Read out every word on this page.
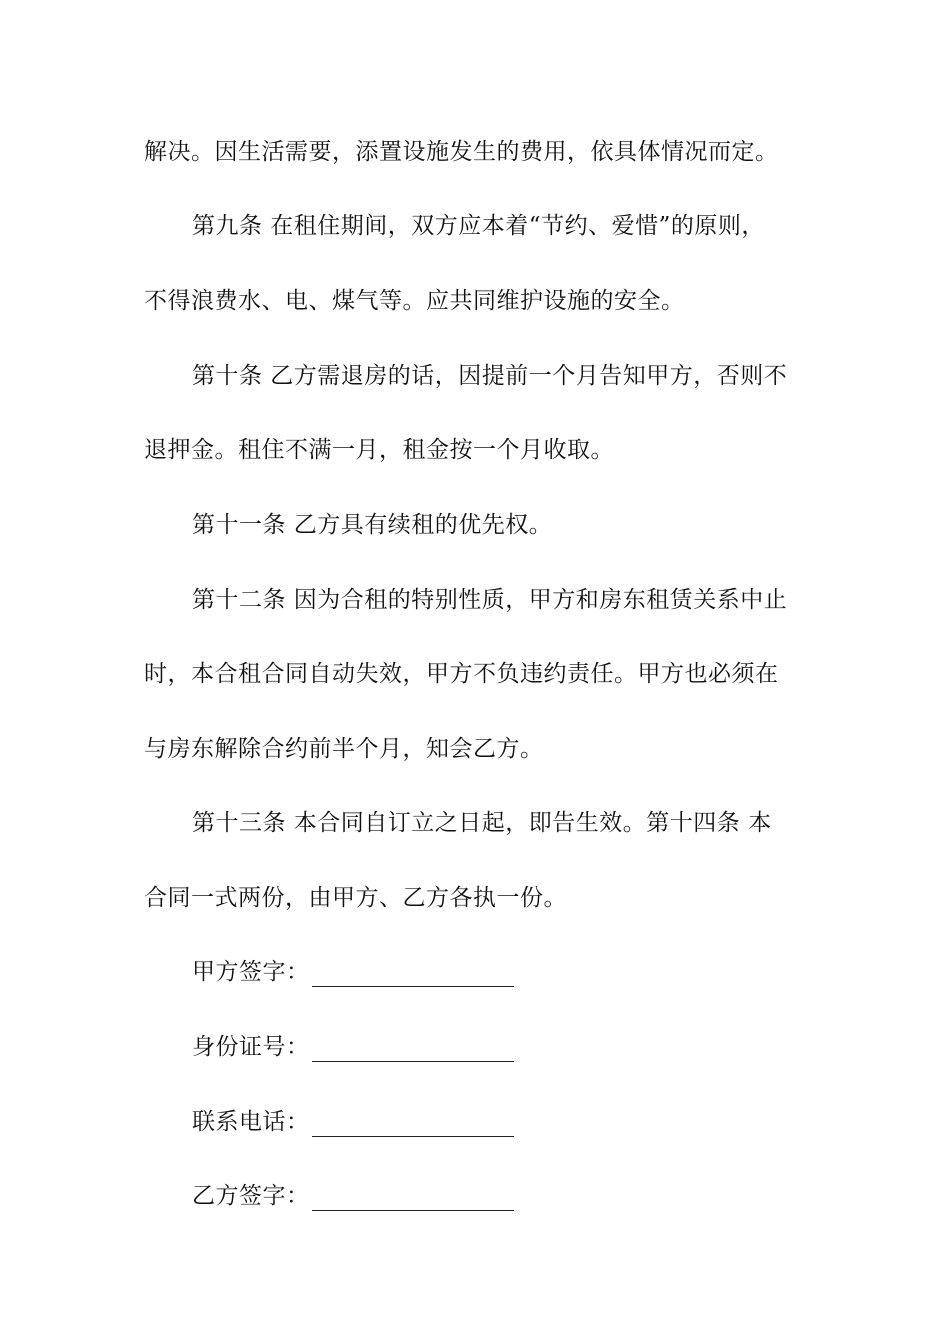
解决。因生活需要，添置设施发生的费用，依具体情况而定。
第九条 在租住期间，双方应本着“节约、爱惜”的原则，
不得浪费水、电、煤气等。应共同维护设施的安全。
第十条 乙方需退房的话，因提前一个月告知甲方，否则不
退押金。租住不满一月，租金按一个月收取。
第十一条 乙方具有续租的优先权。
第十二条 因为合租的特别性质，甲方和房东租赁关系中止
时，本合租合同自动失效，甲方不负违约责任。甲方也必须在
与房东解除合约前半个月，知会乙方。
第十三条 本合同自订立之日起，即告生效。第十四条 本
合同一式两份，由甲方、乙方各执一份。
甲方签字：
身份证号：
联系电话：
乙方签字：
